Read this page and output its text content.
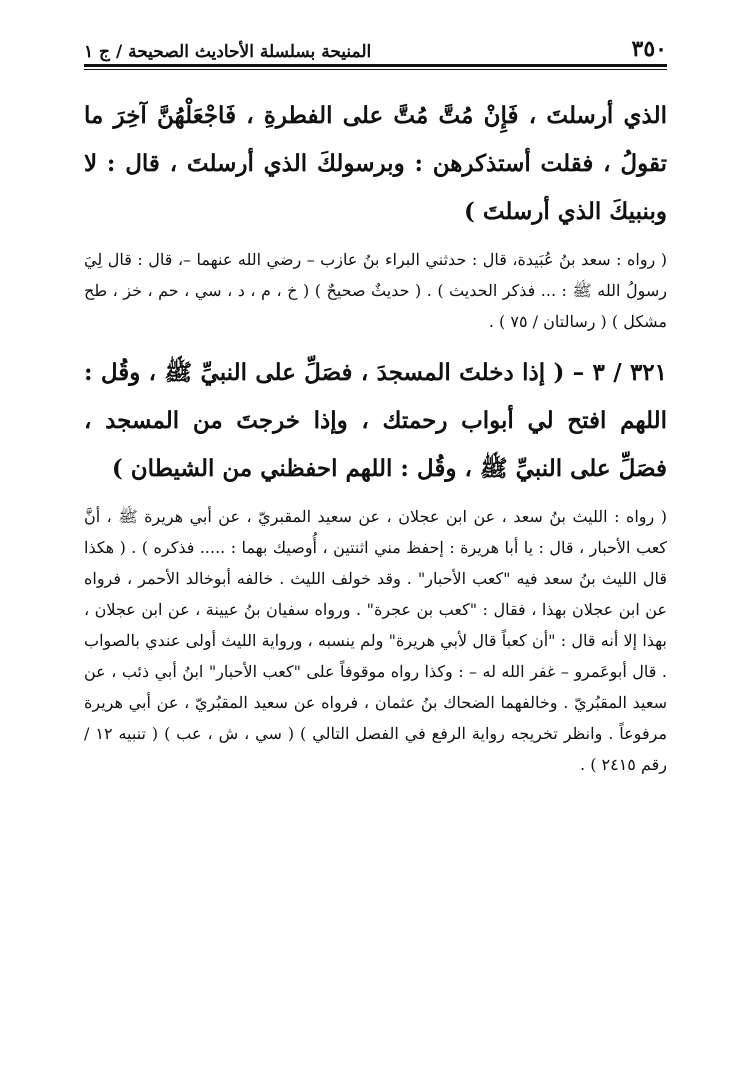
٣٥٠
المنيحة بسلسلة الأحاديث الصحيحة / ج ١

الذي أرسلتَ ، فَإِنْ مُتَّ مُتَّ على الفطرةِ ، فَاجْعَلْهُنَّ آخِرَ ما تقولُ ، فقلت أستذكرهن : وبرسولكَ الذي أرسلتَ ، قال : لا وبنبيكَ الذي أرسلتَ )

( رواه : سعد بنُ عُبَيدة، قال : حدثني البراء بنُ عازب – رضي الله عنهما –، قال : قال لِيَ رسولُ الله ﷺ : ... فذكر الحديث ) . ( حديثٌ صحيحٌ ) ( خ ، م ، د ، سي ، حم ، خز ، طح مشكل ) ( رسالتان / ٧٥ ) .

٣٢١ / ٣ – ( إذا دخلتَ المسجدَ ، فصَلِّ على النبيِّ ﷺ ، وقُل : اللهم افتح لي أبواب رحمتك ، وإذا خرجتَ من المسجد ، فصَلِّ على النبيِّ ﷺ ، وقُل : اللهم احفظني من الشيطان )

( رواه : الليث بنُ سعد ، عن ابن عجلان ، عن سعيد المقبريّ ، عن أبي هريرة ﷺ ، أنَّ كعب الأحبار ، قال : يا أبا هريرة : إحفظ مني اثنتين ، أُوصيك بهما : ..... فذكره ) . ( هكذا قال الليث بنُ سعد فيه "كعب الأحبار" . وقد خولف الليث . خالفه أبوخالد الأحمر ، فرواه عن ابن عجلان بهذا ، فقال : "كعب بن عجرة" . ورواه سفيان بنُ عيينة ، عن ابن عجلان ، بهذا إلا أنه قال : "أن كعباً قال لأبي هريرة" ولم ينسبه ، ورواية الليث أولى عندي بالصواب . قال أبوعَمرو – غفر الله له – : وكذا رواه موقوفاً على "كعب الأحبار" ابنُ أبي ذئب ، عن سعيد المقبُريّ . وخالفهما الضحاك بنُ عثمان ، فرواه عن سعيد المقبُريّ ، عن أبي هريرة مرفوعاً . وانظر تخريجه رواية الرفع في الفصل التالي ) ( سي ، ش ، عب ) ( تنبيه ١٢ / رقم ٢٤١٥ ) .
